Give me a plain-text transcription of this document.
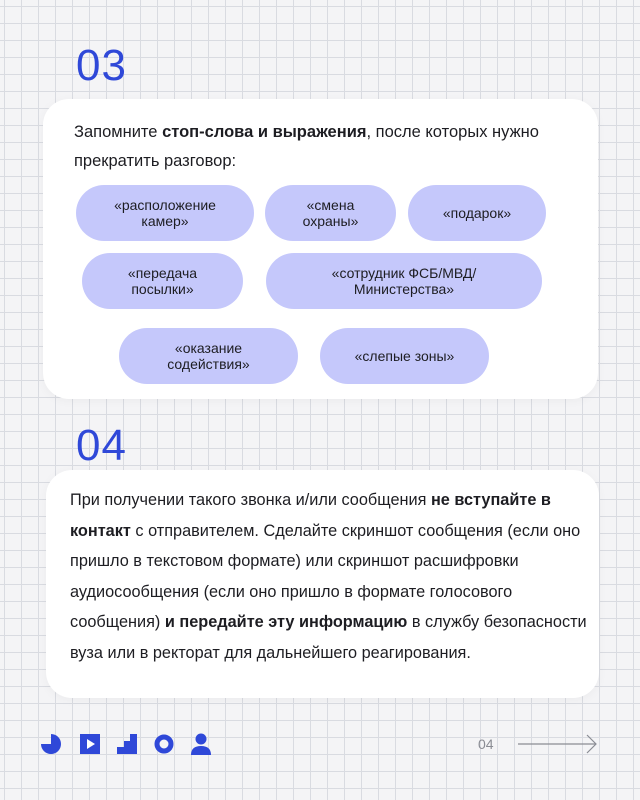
03
Запомните стоп-слова и выражения, после которых нужно прекратить разговор:
«расположение камер»
«смена охраны»	«подарок»
«передача посылки»
«сотрудник ФСБ/МВД/ Министерства»
«оказание содействия»	«слепые зоны»
04
При получении такого звонка и/или сообщения не вступайте в контакт с отправителем. Сделайте скриншот сообщения (если оно пришло в текстовом формате) или скриншот расшифровки аудиосообщения (если оно пришло в формате голосового сообщения) и передайте эту информацию в службу безопасности вуза или в ректорат для дальнейшего реагирования.
04
